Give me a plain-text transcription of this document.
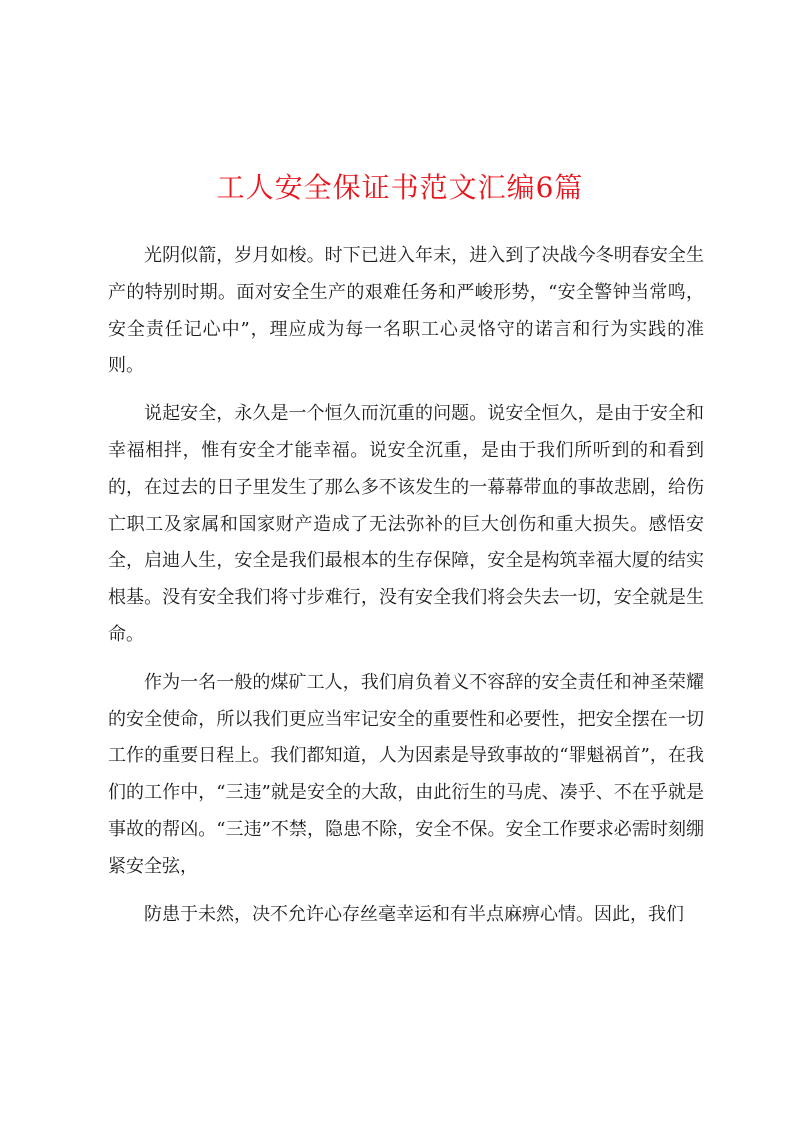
工人安全保证书范文汇编6篇

光阴似箭，岁月如梭。时下已进入年末，进入到了决战今冬明春安全生产的特别时期。面对安全生产的艰难任务和严峻形势，“安全警钟当常鸣，安全责任记心中”，理应成为每一名职工心灵恪守的诺言和行为实践的准则。

说起安全，永久是一个恒久而沉重的问题。说安全恒久，是由于安全和幸福相拌，惟有安全才能幸福。说安全沉重，是由于我们所听到的和看到的，在过去的日子里发生了那么多不该发生的一幕幕带血的事故悲剧，给伤亡职工及家属和国家财产造成了无法弥补的巨大创伤和重大损失。感悟安全，启迪人生，安全是我们最根本的生存保障，安全是构筑幸福大厦的结实根基。没有安全我们将寸步难行，没有安全我们将会失去一切，安全就是生命。

作为一名一般的煤矿工人，我们肩负着义不容辞的安全责任和神圣荣耀的安全使命，所以我们更应当牢记安全的重要性和必要性，把安全摆在一切工作的重要日程上。我们都知道，人为因素是导致事故的“罪魁祸首”，在我们的工作中，“三违”就是安全的大敌，由此衍生的马虎、凑乎、不在乎就是事故的帮凶。“三违”不禁，隐患不除，安全不保。安全工作要求必需时刻绷紧安全弦，

防患于未然，决不允许心存丝毫幸运和有半点麻痹心情。因此，我们
